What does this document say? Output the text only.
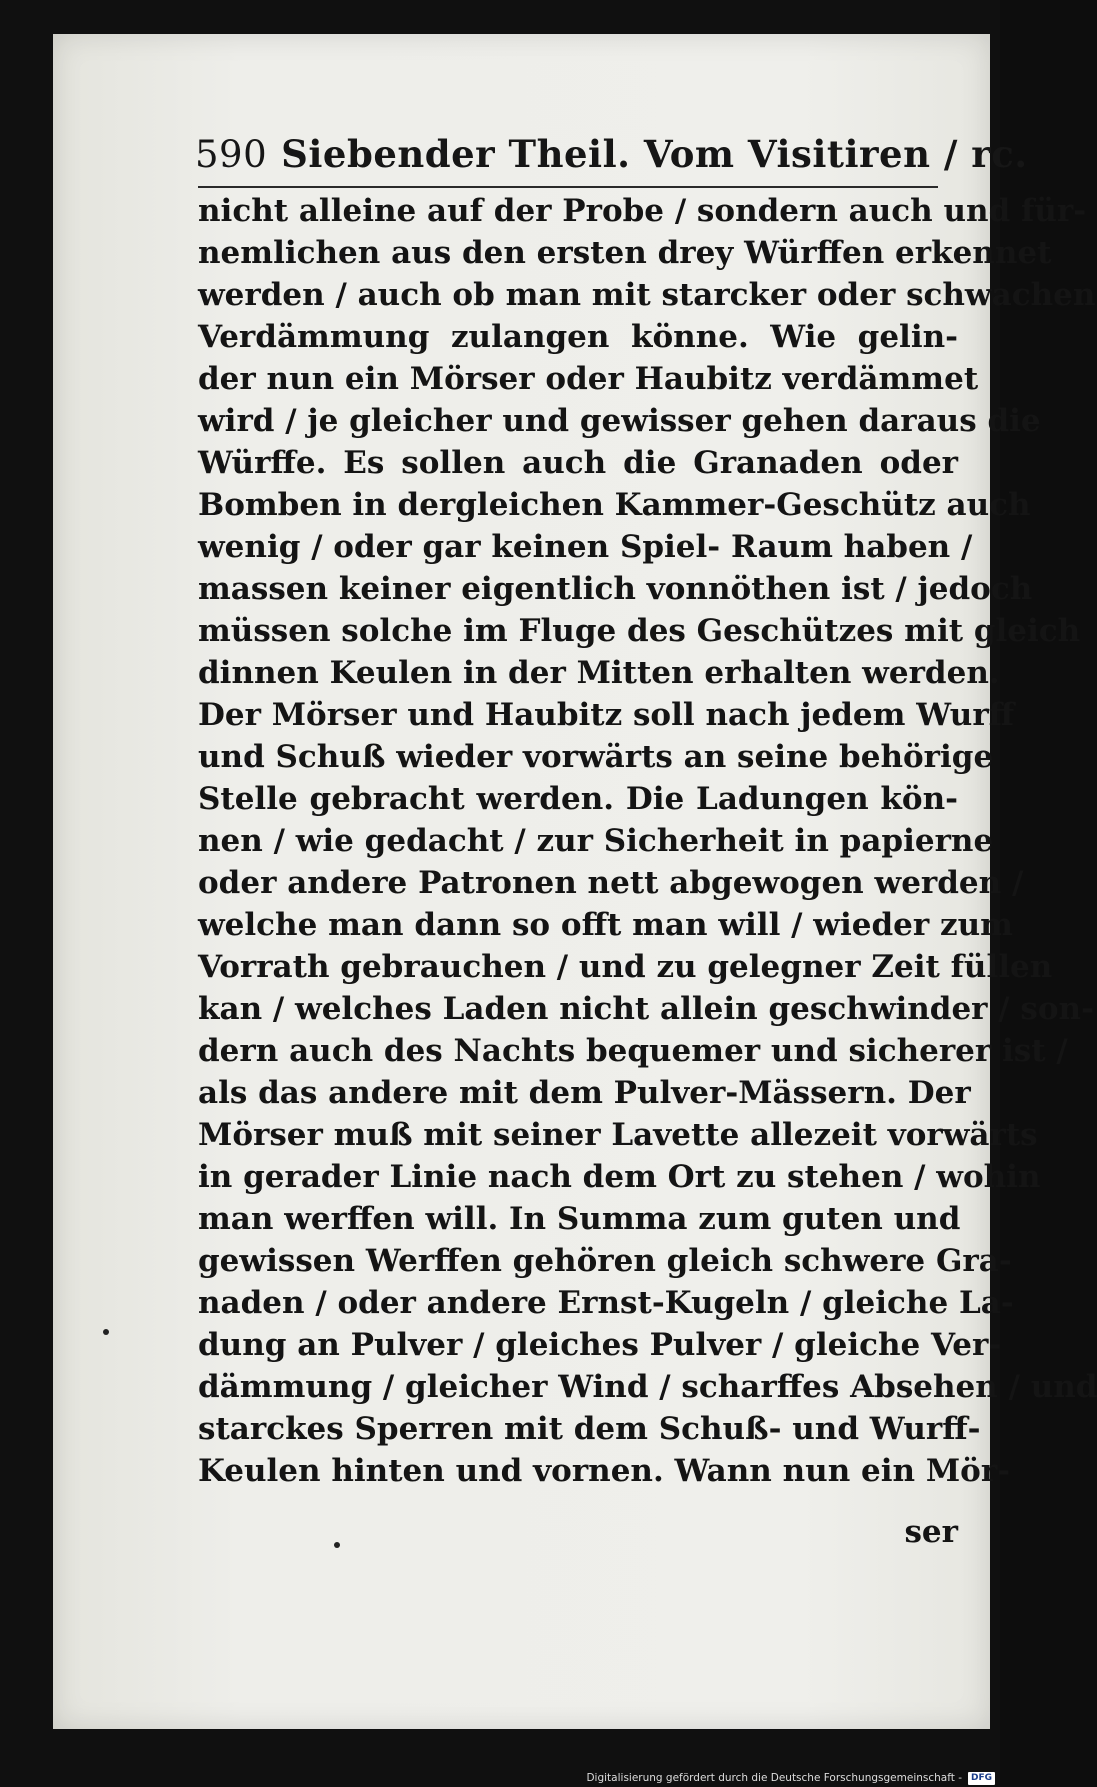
590 Siebender Theil. Vom Visitiren / rc.
nicht alleine auf der Probe / sondern auch und für-
nemlichen aus den ersten drey Würffen erkennet
werden / auch ob man mit starcker oder schwachen
Verdämmung zulangen könne. Wie gelin-
der nun ein Mörser oder Haubitz verdämmet
wird / je gleicher und gewisser gehen daraus die
Würffe. Es sollen auch die Granaden oder
Bomben in dergleichen Kammer-Geschütz auch
wenig / oder gar keinen Spiel- Raum haben /
massen keiner eigentlich vonnöthen ist / jedoch
müssen solche im Fluge des Geschützes mit gleich
dinnen Keulen in der Mitten erhalten werden.
Der Mörser und Haubitz soll nach jedem Wurff
und Schuß wieder vorwärts an seine behörige
Stelle gebracht werden. Die Ladungen kön-
nen / wie gedacht / zur Sicherheit in papierne
oder andere Patronen nett abgewogen werden /
welche man dann so offt man will / wieder zum
Vorrath gebrauchen / und zu gelegner Zeit füllen
kan / welches Laden nicht allein geschwinder / son-
dern auch des Nachts bequemer und sicherer ist /
als das andere mit dem Pulver-Mässern. Der
Mörser muß mit seiner Lavette allezeit vorwärts
in gerader Linie nach dem Ort zu stehen / wohin
man werffen will. In Summa zum guten und
gewissen Werffen gehören gleich schwere Gra-
naden / oder andere Ernst-Kugeln / gleiche La-
dung an Pulver / gleiches Pulver / gleiche Ver-
dämmung / gleicher Wind / scharffes Absehen / und
starckes Sperren mit dem Schuß- und Wurff-
Keulen hinten und vornen. Wann nun ein Mör-
ser
Digitalisierung gefördert durch die Deutsche Forschungsgemeinschaft -	DFG
